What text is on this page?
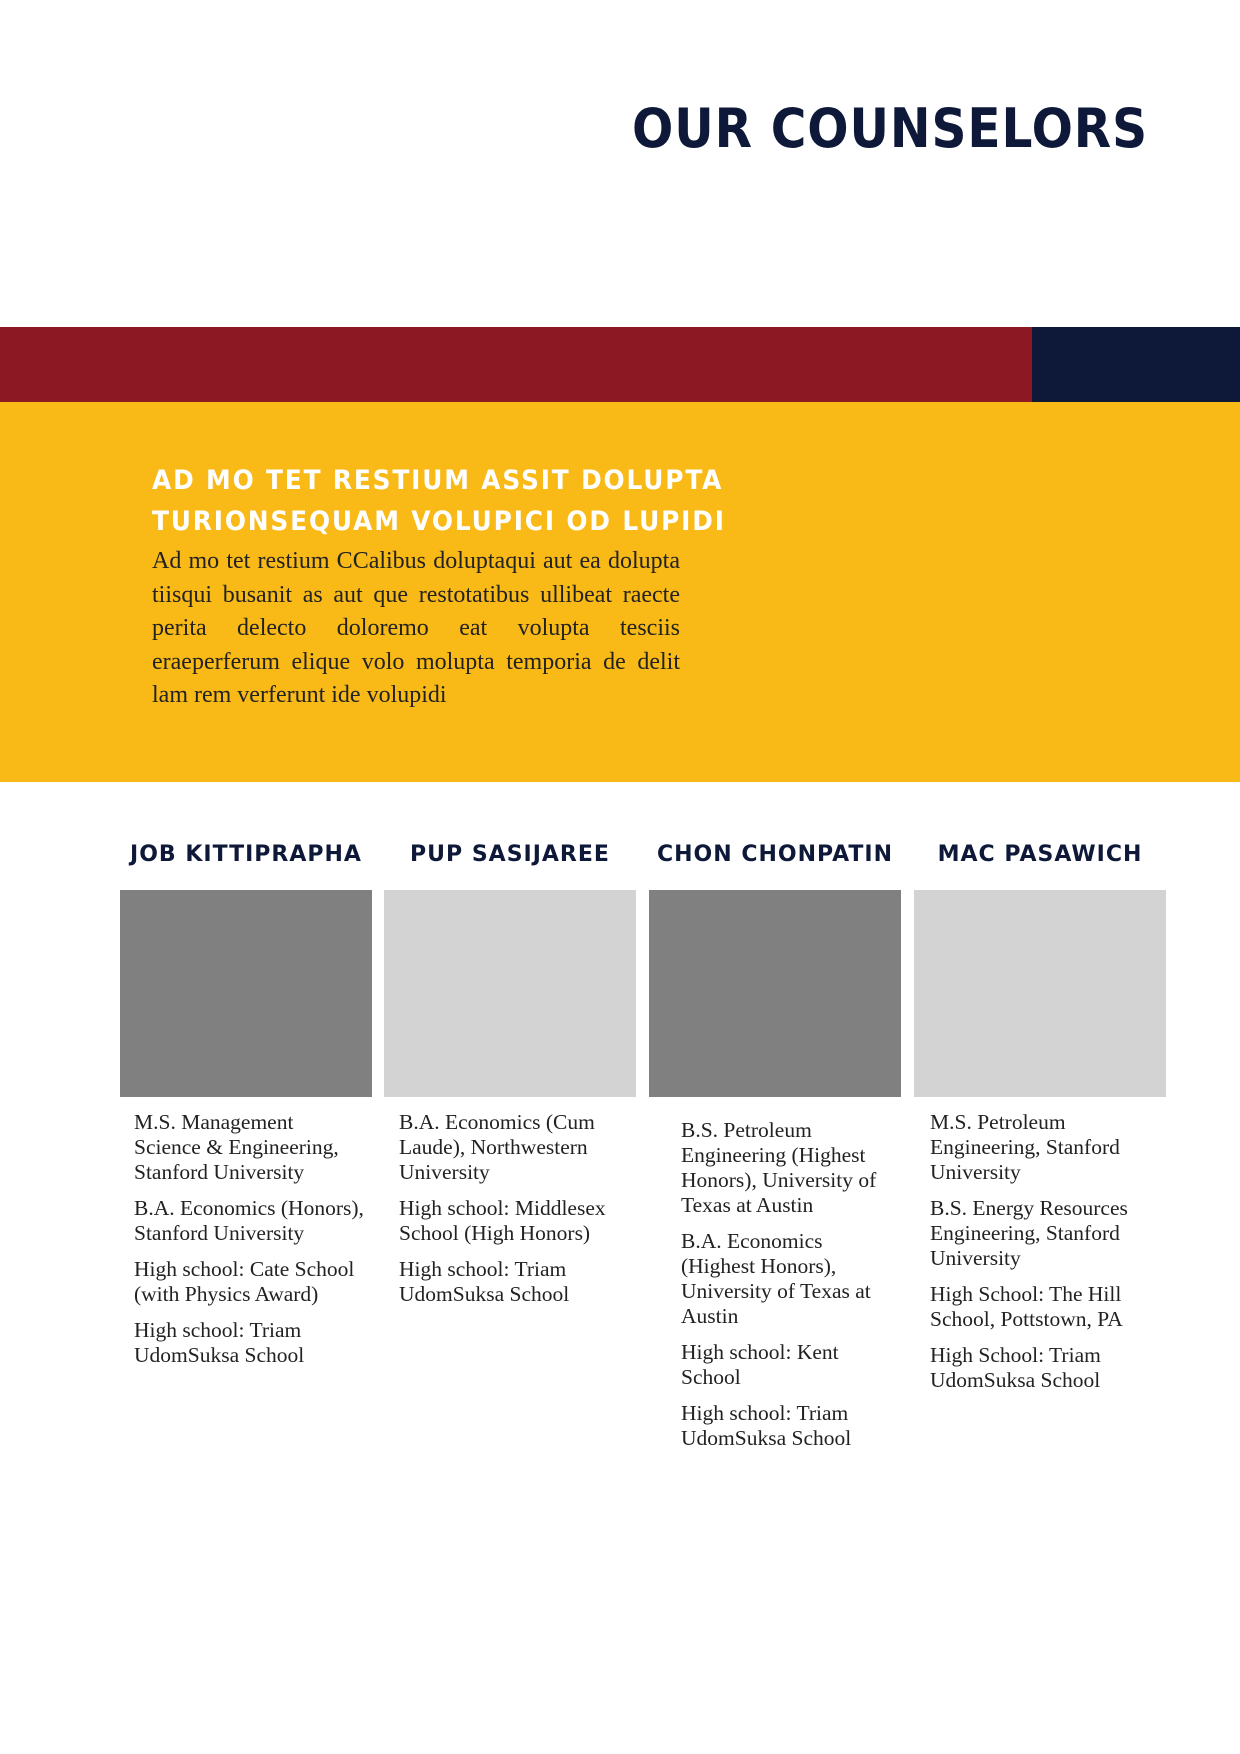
OUR COUNSELORS
AD MO TET RESTIUM ASSIT DOLUPTA TURIONSEQUAM VOLUPICI OD LUPIDI

Ad mo tet restium CCalibus doluptaqui aut ea dolupta tiisqui busanit as aut que restotatibus ullibeat raecte perita delecto doloremo eat volupta tesciis eraeperferum elique volo molupta temporia de delit lam rem verferunt ide volupidi

JOB KITTIPRAPHA

M.S. Management Science & Engineering, Stanford University

B.A. Economics (Honors), Stanford University

High school: Cate School (with Physics Award)

High school: Triam UdomSuksa School

PUP SASIJAREE

B.A. Economics (Cum Laude), Northwestern University

High school: Middlesex School (High Honors)

High school: Triam UdomSuksa School

CHON CHONPATIN

B.S. Petroleum Engineering (Highest Honors), University of Texas at Austin

B.A. Economics (Highest Honors), University of Texas at Austin

High school: Kent School

High school: Triam UdomSuksa School

MAC PASAWICH

M.S. Petroleum Engineering, Stanford University

B.S. Energy Resources Engineering, Stanford University

High School: The Hill School, Pottstown, PA

High School: Triam UdomSuksa School
